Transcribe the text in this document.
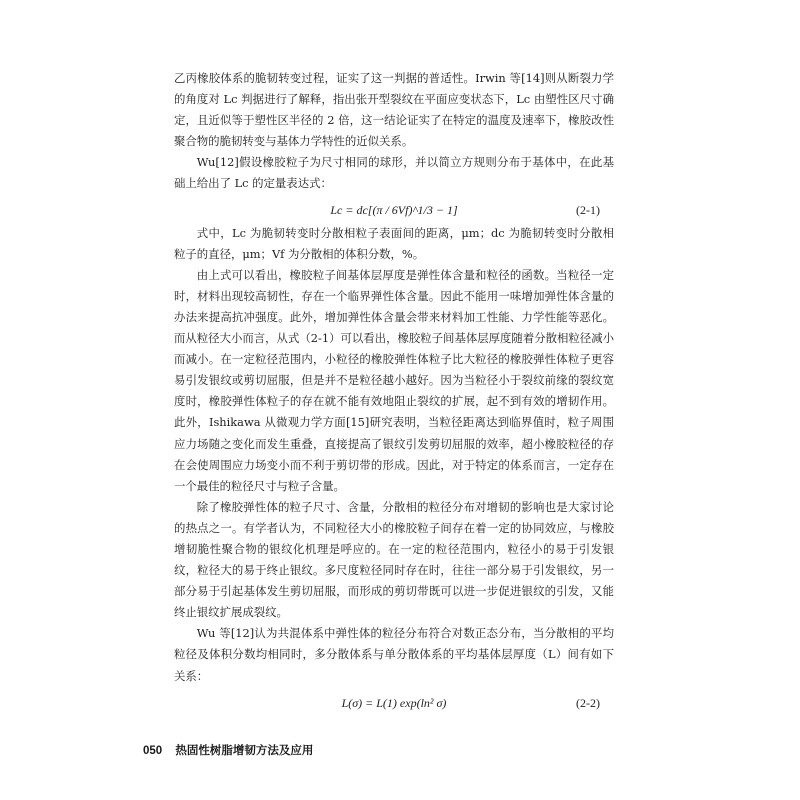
乙丙橡胶体系的脆韧转变过程，证实了这一判据的普适性。Irwin 等[14]则从断裂力学的角度对 Lc 判据进行了解释，指出张开型裂纹在平面应变状态下，Lc 由塑性区尺寸确定，且近似等于塑性区半径的 2 倍，这一结论证实了在特定的温度及速率下，橡胶改性聚合物的脆韧转变与基体力学特性的近似关系。

Wu[12]假设橡胶粒子为尺寸相同的球形，并以简立方规则分布于基体中，在此基础上给出了 Lc 的定量表达式：

Lc = dc[(π / 6Vf)^1/3 − 1]	(2-1)

式中，Lc 为脆韧转变时分散相粒子表面间的距离，μm；dc 为脆韧转变时分散相粒子的直径，μm；Vf 为分散相的体积分数，%。

由上式可以看出，橡胶粒子间基体层厚度是弹性体含量和粒径的函数。当粒径一定时，材料出现较高韧性，存在一个临界弹性体含量。因此不能用一味增加弹性体含量的办法来提高抗冲强度。此外，增加弹性体含量会带来材料加工性能、力学性能等恶化。而从粒径大小而言，从式（2-1）可以看出，橡胶粒子间基体层厚度随着分散相粒径减小而减小。在一定粒径范围内，小粒径的橡胶弹性体粒子比大粒径的橡胶弹性体粒子更容易引发银纹或剪切屈服，但是并不是粒径越小越好。因为当粒径小于裂纹前缘的裂纹宽度时，橡胶弹性体粒子的存在就不能有效地阻止裂纹的扩展，起不到有效的增韧作用。此外，Ishikawa 从微观力学方面[15]研究表明，当粒径距离达到临界值时，粒子周围应力场随之变化而发生重叠，直接提高了银纹引发剪切屈服的效率，超小橡胶粒径的存在会使周围应力场变小而不利于剪切带的形成。因此，对于特定的体系而言，一定存在一个最佳的粒径尺寸与粒子含量。

除了橡胶弹性体的粒子尺寸、含量，分散相的粒径分布对增韧的影响也是大家讨论的热点之一。有学者认为，不同粒径大小的橡胶粒子间存在着一定的协同效应，与橡胶增韧脆性聚合物的银纹化机理是呼应的。在一定的粒径范围内，粒径小的易于引发银纹，粒径大的易于终止银纹。多尺度粒径同时存在时，往往一部分易于引发银纹，另一部分易于引起基体发生剪切屈服，而形成的剪切带既可以进一步促进银纹的引发，又能终止银纹扩展成裂纹。

Wu 等[12]认为共混体系中弹性体的粒径分布符合对数正态分布，当分散相的平均粒径及体积分数均相同时，多分散体系与单分散体系的平均基体层厚度（L）间有如下关系：

L(σ) = L(1) exp(ln² σ)	(2-2)
050 热固性树脂增韧方法及应用
